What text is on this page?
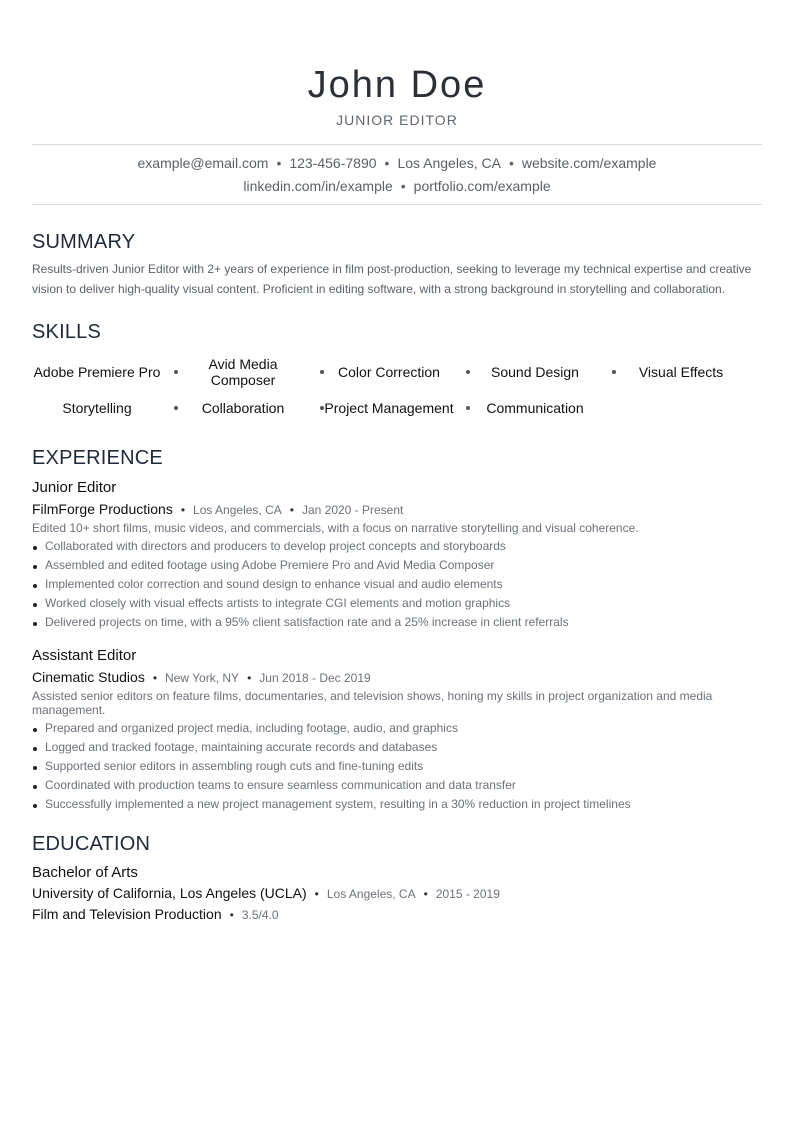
John Doe
JUNIOR EDITOR
example@email.com • 123-456-7890 • Los Angeles, CA • website.com/example
linkedin.com/in/example • portfolio.com/example
SUMMARY
Results-driven Junior Editor with 2+ years of experience in film post-production, seeking to leverage my technical expertise and creative vision to deliver high-quality visual content. Proficient in editing software, with a strong background in storytelling and collaboration.
SKILLS
Adobe Premiere Pro	Avid Media Composer	Color Correction	Sound Design	Visual Effects
Storytelling	Collaboration	Project Management	Communication
EXPERIENCE
Junior Editor
FilmForge Productions • Los Angeles, CA • Jan 2020 - Present
Edited 10+ short films, music videos, and commercials, with a focus on narrative storytelling and visual coherence.
Collaborated with directors and producers to develop project concepts and storyboards
Assembled and edited footage using Adobe Premiere Pro and Avid Media Composer
Implemented color correction and sound design to enhance visual and audio elements
Worked closely with visual effects artists to integrate CGI elements and motion graphics
Delivered projects on time, with a 95% client satisfaction rate and a 25% increase in client referrals
Assistant Editor
Cinematic Studios • New York, NY • Jun 2018 - Dec 2019
Assisted senior editors on feature films, documentaries, and television shows, honing my skills in project organization and media management.
Prepared and organized project media, including footage, audio, and graphics
Logged and tracked footage, maintaining accurate records and databases
Supported senior editors in assembling rough cuts and fine-tuning edits
Coordinated with production teams to ensure seamless communication and data transfer
Successfully implemented a new project management system, resulting in a 30% reduction in project timelines
EDUCATION
Bachelor of Arts
University of California, Los Angeles (UCLA) • Los Angeles, CA • 2015 - 2019
Film and Television Production • 3.5/4.0
